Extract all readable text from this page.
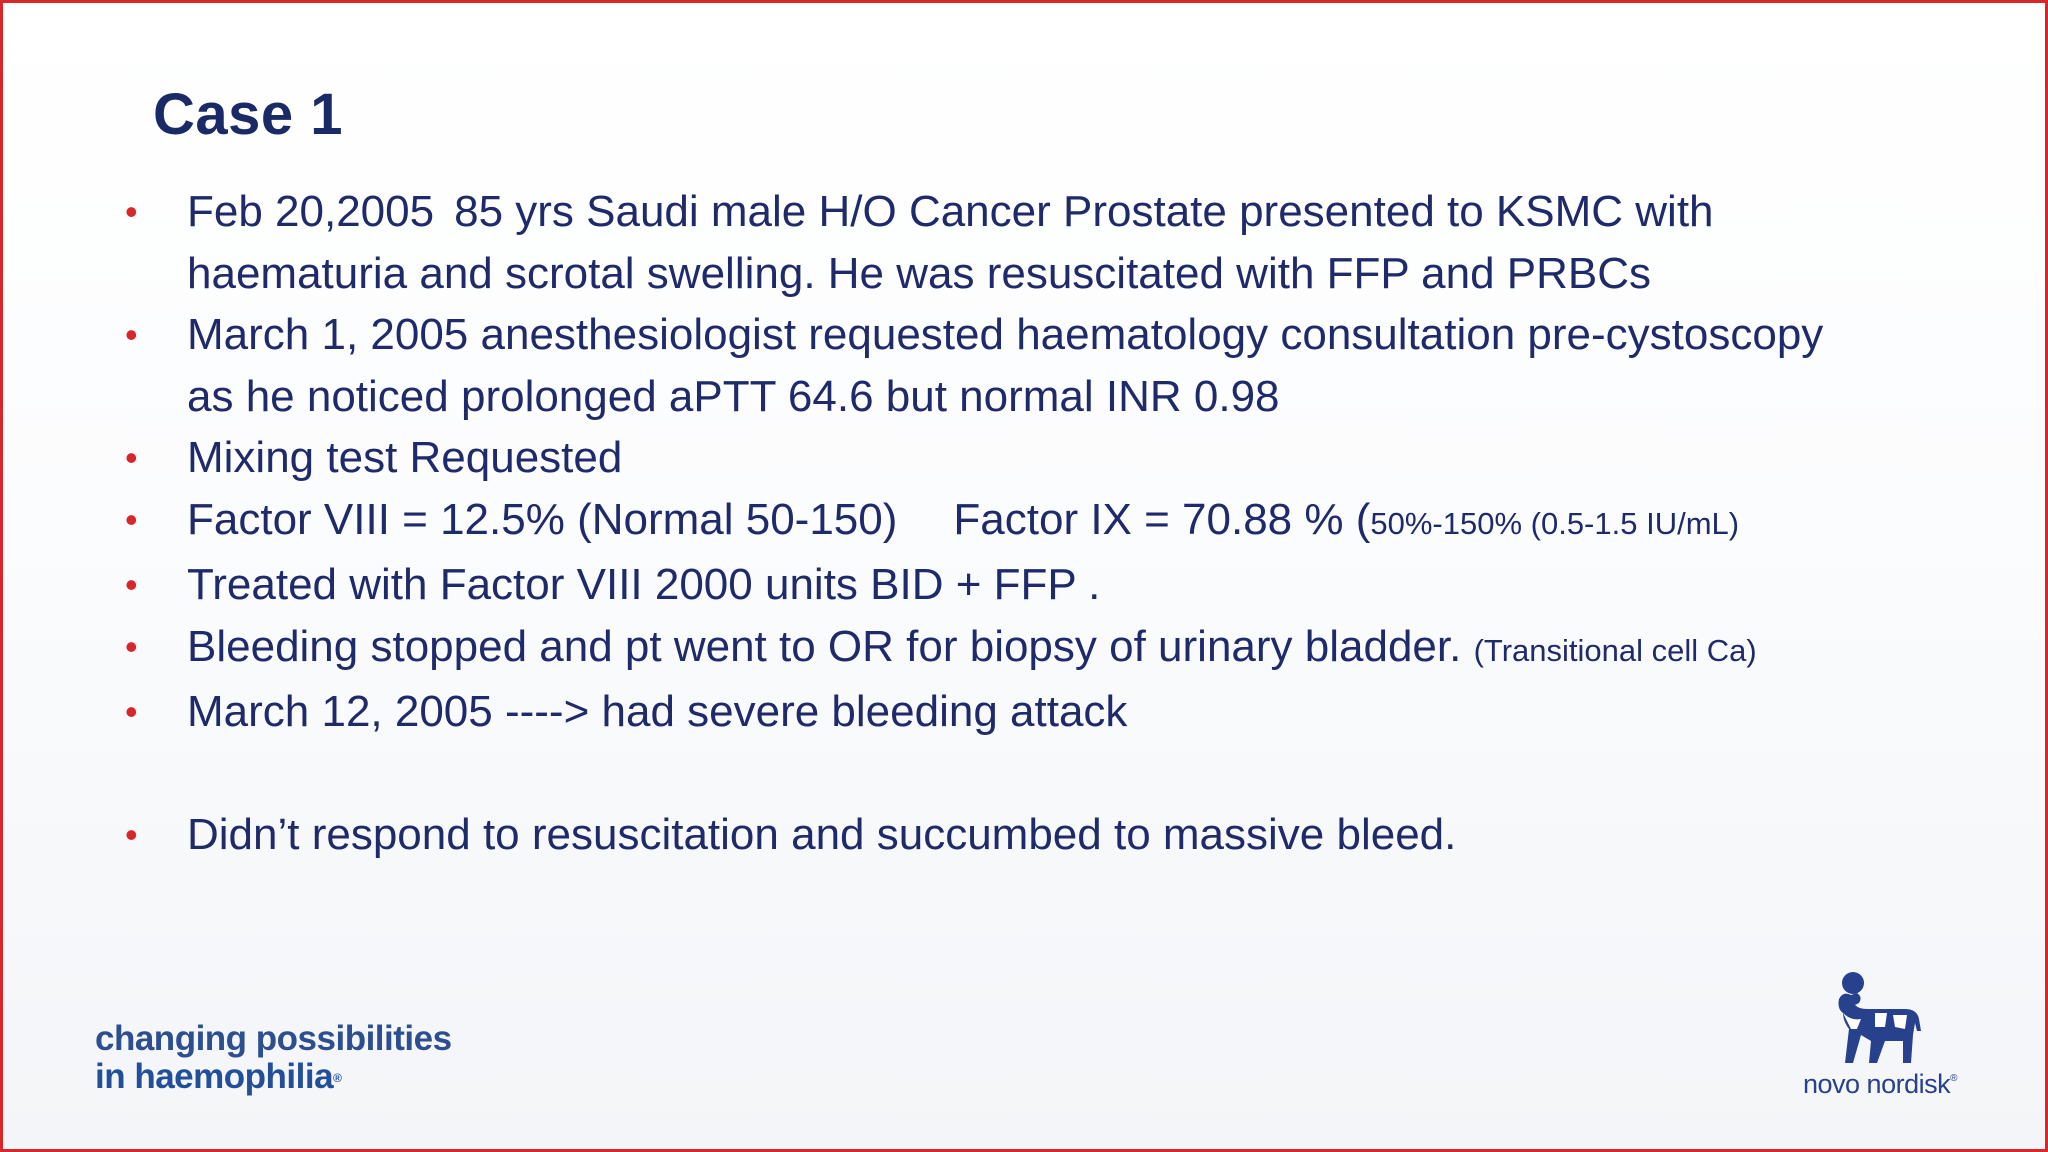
Case 1
• Feb 20,2005 85 yrs Saudi male H/O Cancer Prostate presented to KSMC with
haematuria and scrotal swelling. He was resuscitated with FFP and PRBCs
• March 1, 2005 anesthesiologist requested haematology consultation pre-cystoscopy
as he noticed prolonged aPTT 64.6 but normal INR 0.98
• Mixing test Requested
• Factor VIII = 12.5% (Normal 50-150) Factor IX = 70.88 % (50%-150% (0.5-1.5 IU/mL)
• Treated with Factor VIII 2000 units BID + FFP .
• Bleeding stopped and pt went to OR for biopsy of urinary bladder. (Transitional cell Ca)
• March 12, 2005 ----> had severe bleeding attack
• Didn’t respond to resuscitation and succumbed to massive bleed.
changing possibilities
in haemophilia®	novo nordisk®
